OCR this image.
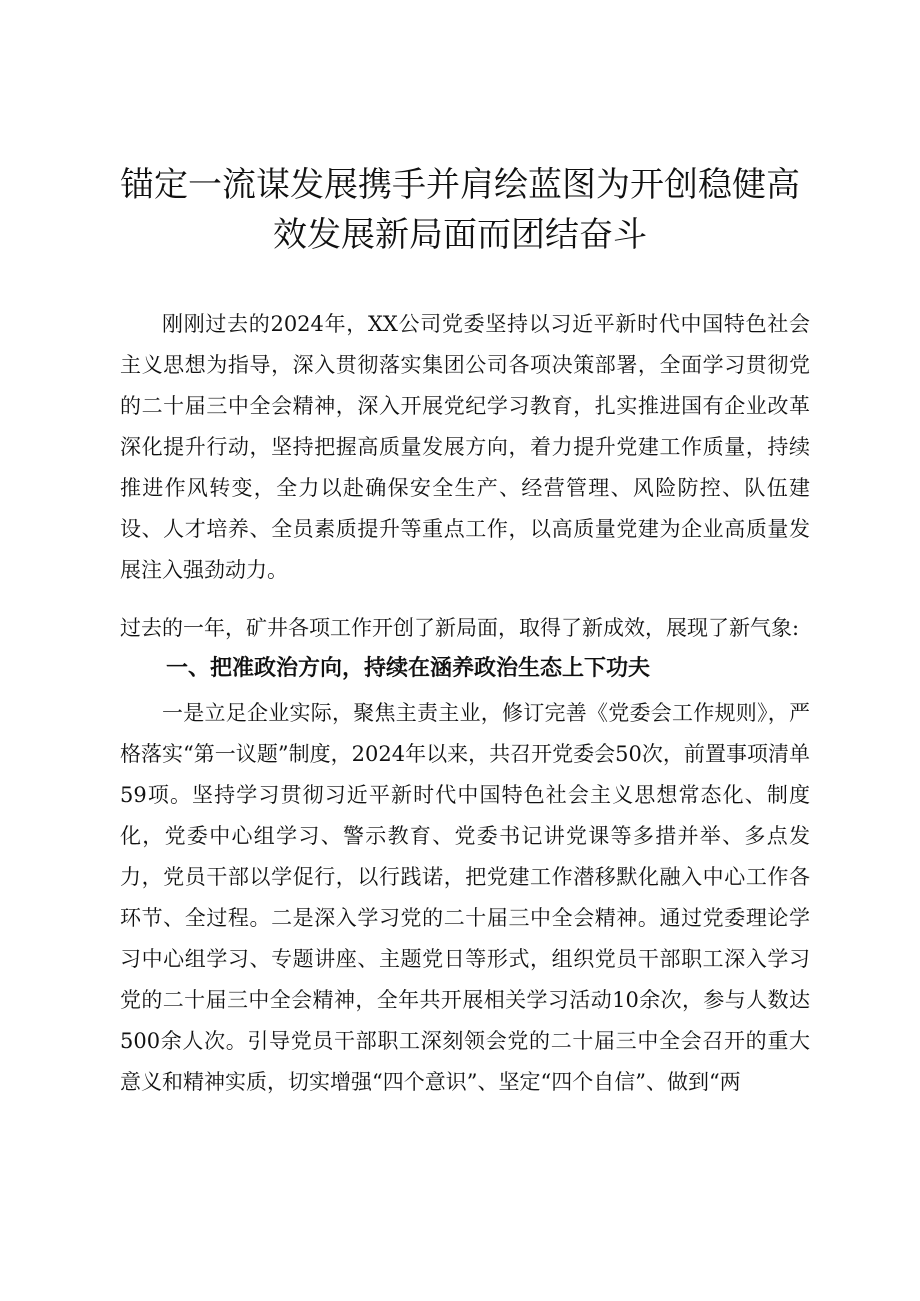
锚定一流谋发展携手并肩绘蓝图为开创稳健高效发展新局面而团结奋斗

刚刚过去的2024年，XX公司党委坚持以习近平新时代中国特色社会主义思想为指导，深入贯彻落实集团公司各项决策部署，全面学习贯彻党的二十届三中全会精神，深入开展党纪学习教育，扎实推进国有企业改革深化提升行动，坚持把握高质量发展方向，着力提升党建工作质量，持续推进作风转变，全力以赴确保安全生产、经营管理、风险防控、队伍建设、人才培养、全员素质提升等重点工作，以高质量党建为企业高质量发展注入强劲动力。

过去的一年，矿井各项工作开创了新局面，取得了新成效，展现了新气象:

一、把准政治方向，持续在涵养政治生态上下功夫

一是立足企业实际，聚焦主责主业，修订完善《党委会工作规则》，严格落实“第一议题”制度，2024年以来，共召开党委会50次，前置事项清单59项。坚持学习贯彻习近平新时代中国特色社会主义思想常态化、制度化，党委中心组学习、警示教育、党委书记讲党课等多措并举、多点发力，党员干部以学促行，以行践诺，把党建工作潜移默化融入中心工作各环节、全过程。二是深入学习党的二十届三中全会精神。通过党委理论学习中心组学习、专题讲座、主题党日等形式，组织党员干部职工深入学习党的二十届三中全会精神，全年共开展相关学习活动10余次，参与人数达500余人次。引导党员干部职工深刻领会党的二十届三中全会召开的重大意义和精神实质，切实增强“四个意识”、坚定“四个自信”、做到“两
